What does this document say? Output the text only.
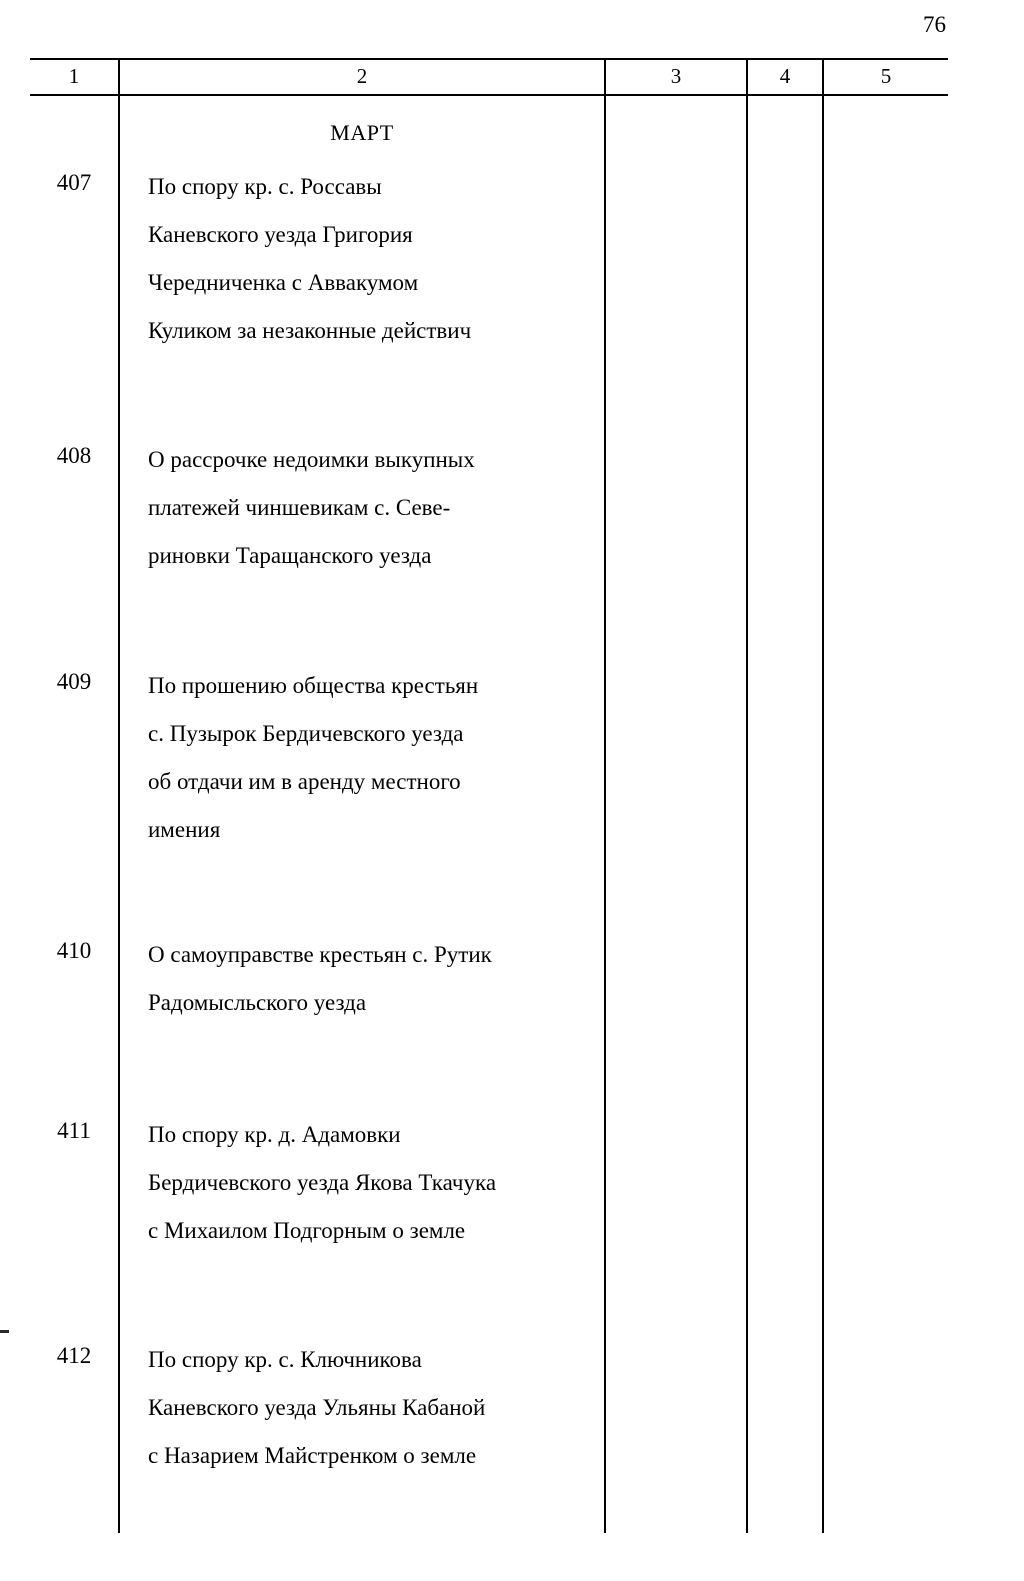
76
1	2	3	4	5
МАРТ
407	По спору кр. с. Россавы
Каневского уезда Григория
Чередниченка с Аввакумом
Куликом за незаконные действич
408	О рассрочке недоимки выкупных
платежей чиншевикам с. Севе-
риновки Таращанского уезда
409	По прошению общества крестьян
с. Пузырок Бердичевского уезда
об отдачи им в аренду местного
имения
410	О самоуправстве крестьян с. Рутик
Радомысльского уезда
411	По спору кр. д. Адамовки
Бердичевского уезда Якова Ткачука
с Михаилом Подгорным о земле
412	По спору кр. с. Ключникова
Каневского уезда Ульяны Кабаной
с Назарием Майстренком о земле
